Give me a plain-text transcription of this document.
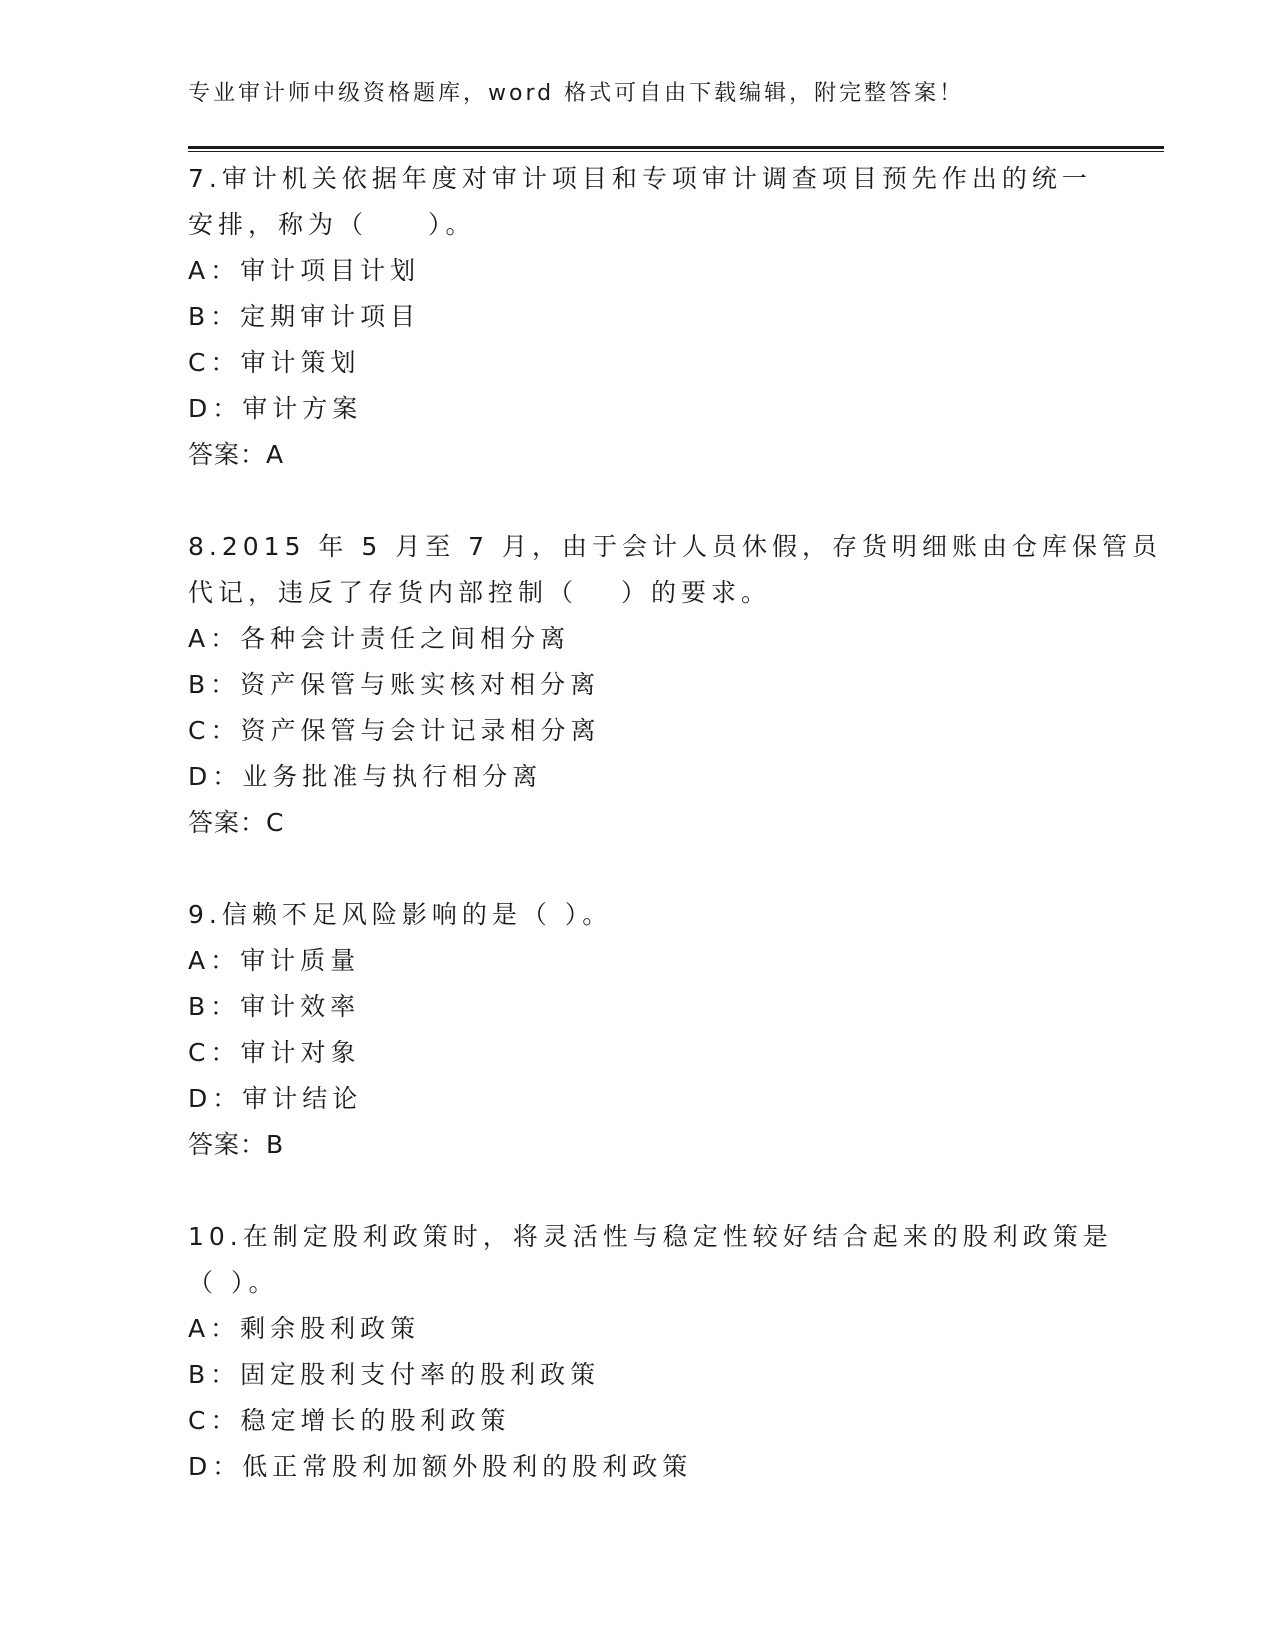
专业审计师中级资格题库，word 格式可自由下载编辑，附完整答案！
7.审计机关依据年度对审计项目和专项审计调查项目预先作出的统一
安排，称为（　　）。
A：审计项目计划
B：定期审计项目
C：审计策划
D：审计方案
答案：A
8.2015 年 5 月至 7 月，由于会计人员休假，存货明细账由仓库保管员
代记，违反了存货内部控制（　 ）的要求。
A：各种会计责任之间相分离
B：资产保管与账实核对相分离
C：资产保管与会计记录相分离
D：业务批准与执行相分离
答案：C
9.信赖不足风险影响的是（ ）。
A：审计质量
B：审计效率
C：审计对象
D：审计结论
答案：B
10.在制定股利政策时，将灵活性与稳定性较好结合起来的股利政策是
（ ）。
A：剩余股利政策
B：固定股利支付率的股利政策
C：稳定增长的股利政策
D：低正常股利加额外股利的股利政策
